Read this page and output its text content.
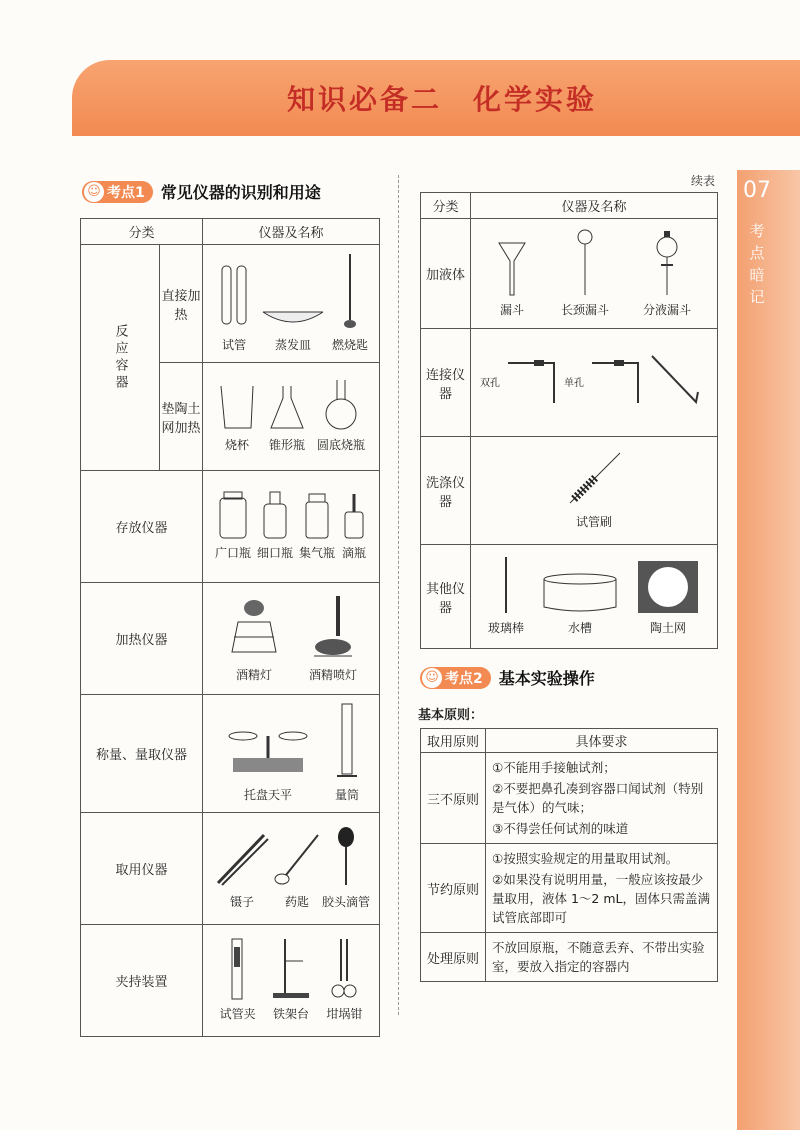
知识必备二　化学实验
07
考点暗记
☺ 考点1 常见仪器的识别和用途
分类		仪器及名称

反应容器	直接加热	试管 蒸发皿 燃烧匙

	垫陶土网加热	烧杯 锥形瓶 圆底烧瓶

存放仪器		广口瓶 细口瓶 集气瓶 滴瓶

加热仪器		酒精灯 酒精喷灯

称量、量取仪器		托盘天平 量筒

取用仪器		镊子 药匙 胶头滴管

夹持装置		试管夹 铁架台 坩埚钳
续表
分类	仪器及名称
加液体	漏斗 长颈漏斗 分液漏斗

连接仪器	双孔 单孔

洗涤仪器	试管刷

其他仪器	玻璃棒 水槽 陶土网
☺ 考点2 基本实验操作
基本原则：
取用原则	具体要求
三不原则	①不能用手接触试剂；

②不要把鼻孔凑到容器口闻试剂（特别是气体）的气味；

③不得尝任何试剂的味道

节约原则	①按照实验规定的用量取用试剂。

②如果没有说明用量，一般应该按最少量取用，液体 1～2 mL，固体只需盖满试管底部即可

处理原则	不放回原瓶，不随意丢弃、不带出实验室，要放入指定的容器内
